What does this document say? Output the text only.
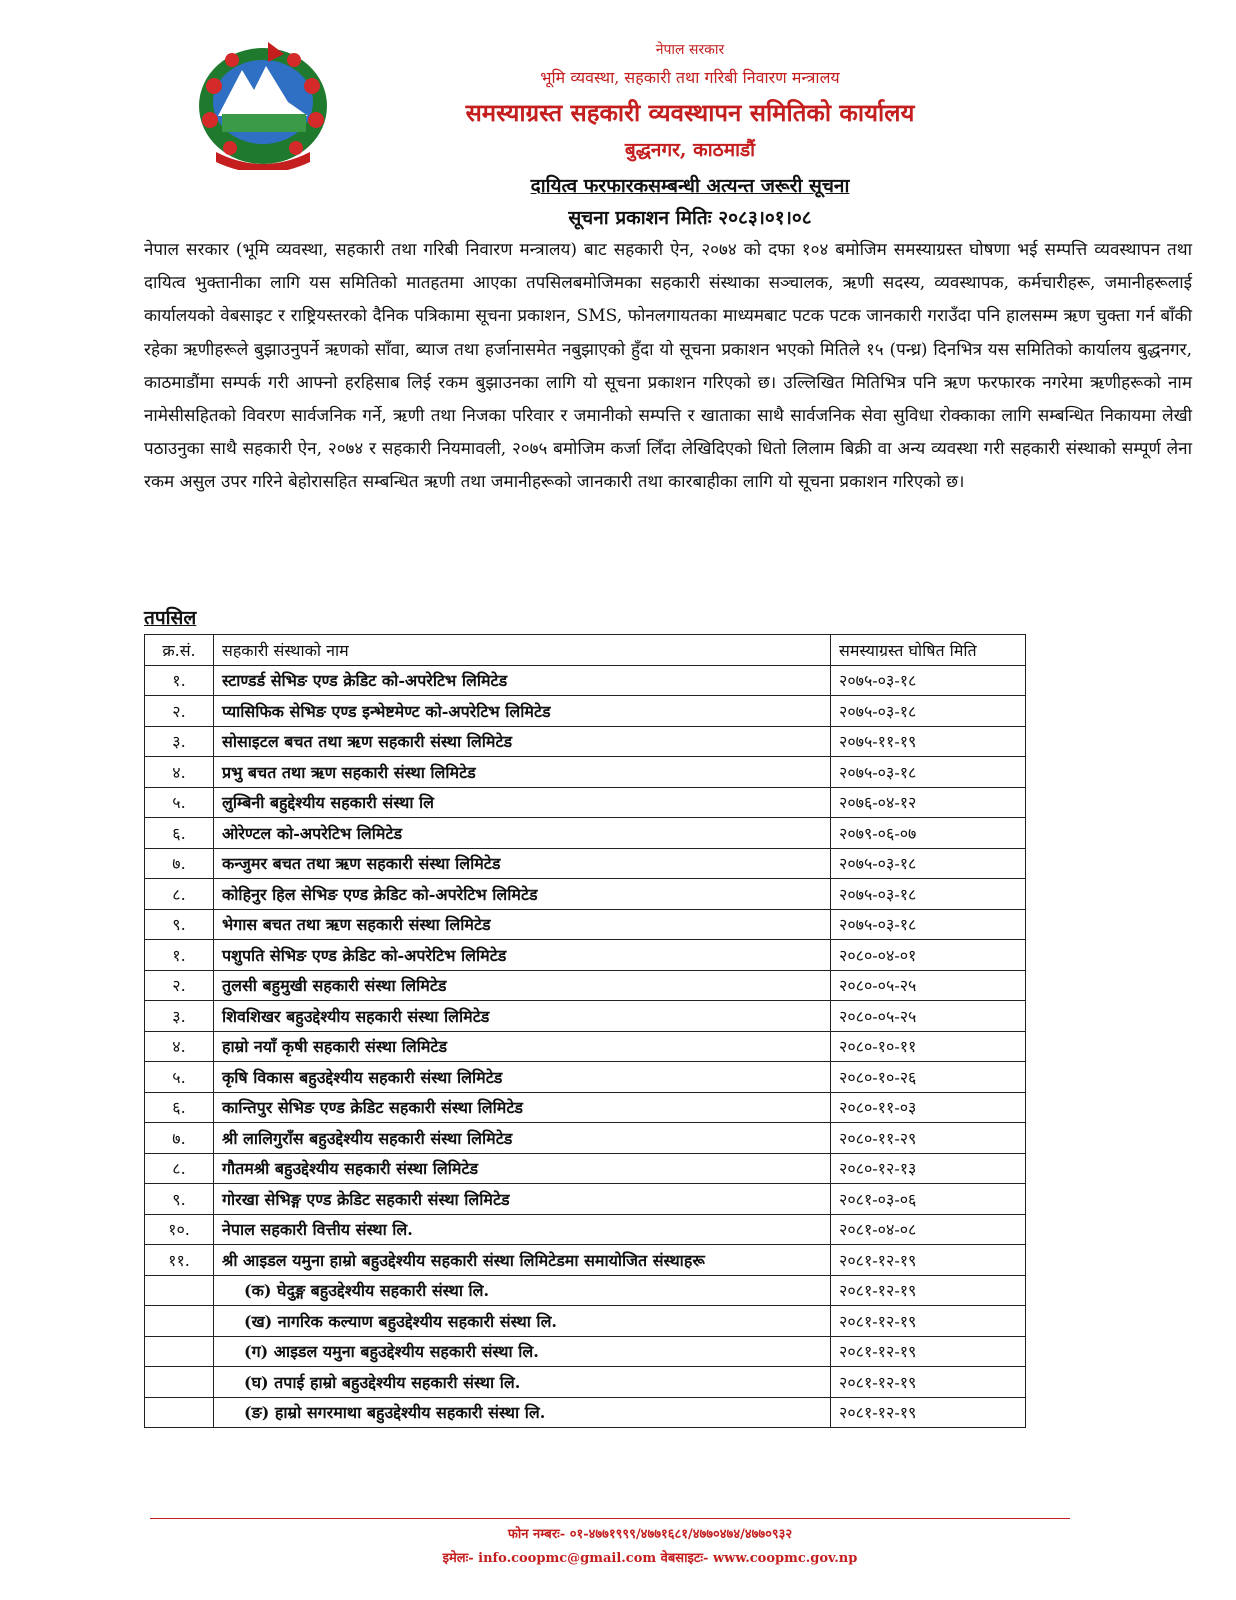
नेपाल सरकार
भूमि व्यवस्था, सहकारी तथा गरिबी निवारण मन्त्रालय
समस्याग्रस्त सहकारी व्यवस्थापन समितिको कार्यालय
बुद्धनगर, काठमाडौं
दायित्व फरफारकसम्बन्धी अत्यन्त जरूरी सूचना
सूचना प्रकाशन मितिः २०८३।०१।०८
नेपाल सरकार (भूमि व्यवस्था, सहकारी तथा गरिबी निवारण मन्त्रालय) बाट सहकारी ऐन, २०७४ को दफा १०४ बमोजिम समस्याग्रस्त घोषणा भई सम्पत्ति व्यवस्थापन तथा दायित्व भुक्तानीका लागि यस समितिको मातहतमा आएका तपसिलबमोजिमका सहकारी संस्थाका सञ्चालक, ऋणी सदस्य, व्यवस्थापक, कर्मचारीहरू, जमानीहरूलाई कार्यालयको वेबसाइट र राष्ट्रियस्तरको दैनिक पत्रिकामा सूचना प्रकाशन, SMS, फोनलगायतका माध्यमबाट पटक पटक जानकारी गराउँदा पनि हालसम्म ऋण चुक्ता गर्न बाँकी रहेका ऋणीहरूले बुझाउनुपर्ने ऋणको साँवा, ब्याज तथा हर्जानासमेत नबुझाएको हुँदा यो सूचना प्रकाशन भएको मितिले १५ (पन्ध्र) दिनभित्र यस समितिको कार्यालय बुद्धनगर, काठमाडौंमा सम्पर्क गरी आफ्नो हरहिसाब लिई रकम बुझाउनका लागि यो सूचना प्रकाशन गरिएको छ। उल्लिखित मितिभित्र पनि ऋण फरफारक नगरेमा ऋणीहरूको नाम नामेसीसहितको विवरण सार्वजनिक गर्ने, ऋणी तथा निजका परिवार र जमानीको सम्पत्ति र खाताका साथै सार्वजनिक सेवा सुविधा रोक्काका लागि सम्बन्धित निकायमा लेखी पठाउनुका साथै सहकारी ऐन, २०७४ र सहकारी नियमावली, २०७५ बमोजिम कर्जा लिँदा लेखिदिएको धितो लिलाम बिक्री वा अन्य व्यवस्था गरी सहकारी संस्थाको सम्पूर्ण लेना रकम असुल उपर गरिने बेहोरासहित सम्बन्धित ऋणी तथा जमानीहरूको जानकारी तथा कारबाहीका लागि यो सूचना प्रकाशन गरिएको छ।
तपसिल
क्र.सं.	सहकारी संस्थाको नाम	समस्याग्रस्त घोषित मिति
१.	स्टाण्डर्ड सेभिङ एण्ड क्रेडिट को-अपरेटिभ लिमिटेड	२०७५-०३-१८
२.	प्यासिफिक सेभिङ एण्ड इन्भेष्टमेण्ट को-अपरेटिभ लिमिटेड	२०७५-०३-१८
३.	सोसाइटल बचत तथा ऋण सहकारी संस्था लिमिटेड	२०७५-११-१९
४.	प्रभु बचत तथा ऋण सहकारी संस्था लिमिटेड	२०७५-०३-१८
५.	लुम्बिनी बहुद्देश्यीय सहकारी संस्था लि	२०७६-०४-१२
६.	ओरेण्टल को-अपरेटिभ लिमिटेड	२०७९-०६-०७
७.	कन्जुमर बचत तथा ऋण सहकारी संस्था लिमिटेड	२०७५-०३-१८
८.	कोहिनुर हिल सेभिङ एण्ड क्रेडिट को-अपरेटिभ लिमिटेड	२०७५-०३-१८
९.	भेगास बचत तथा ऋण सहकारी संस्था लिमिटेड	२०७५-०३-१८
१.	पशुपति सेभिङ एण्ड क्रेडिट को-अपरेटिभ लिमिटेड	२०८०-०४-०१
२.	तुलसी बहुमुखी सहकारी संस्था लिमिटेड	२०८०-०५-२५
३.	शिवशिखर बहुउद्देश्यीय सहकारी संस्था लिमिटेड	२०८०-०५-२५
४.	हाम्रो नयाँ कृषी सहकारी संस्था लिमिटेड	२०८०-१०-११
५.	कृषि विकास बहुउद्देश्यीय सहकारी संस्था लिमिटेड	२०८०-१०-२६
६.	कान्तिपुर सेभिङ एण्ड क्रेडिट सहकारी संस्था लिमिटेड	२०८०-११-०३
७.	श्री लालिगुराँस बहुउद्देश्यीय सहकारी संस्था लिमिटेड	२०८०-११-२९
८.	गौतमश्री बहुउद्देश्यीय सहकारी संस्था लिमिटेड	२०८०-१२-१३
९.	गोरखा सेभिङ्ग एण्ड क्रेडिट सहकारी संस्था लिमिटेड	२०८१-०३-०६
१०.	नेपाल सहकारी वित्तीय संस्था लि.	२०८१-०४-०८
११.	श्री आइडल यमुना हाम्रो बहुउद्देश्यीय सहकारी संस्था लिमिटेडमा समायोजित संस्थाहरू	२०८१-१२-१९
	(क) घेदुङ्ग बहुउद्देश्यीय सहकारी संस्था लि.	२०८१-१२-१९
	(ख) नागरिक कल्याण बहुउद्देश्यीय सहकारी संस्था लि.	२०८१-१२-१९
	(ग) आइडल यमुना बहुउद्देश्यीय सहकारी संस्था लि.	२०८१-१२-१९
	(घ) तपाई हाम्रो बहुउद्देश्यीय सहकारी संस्था लि.	२०८१-१२-१९
	(ङ) हाम्रो सगरमाथा बहुउद्देश्यीय सहकारी संस्था लि.	२०८१-१२-१९
फोन नम्बरः- ०१-४७७१९९९/४७७१६८१/४७७०४७४/४७७०९३२
इमेलः- info.coopmc@gmail.com वेबसाइटः- www.coopmc.gov.np
